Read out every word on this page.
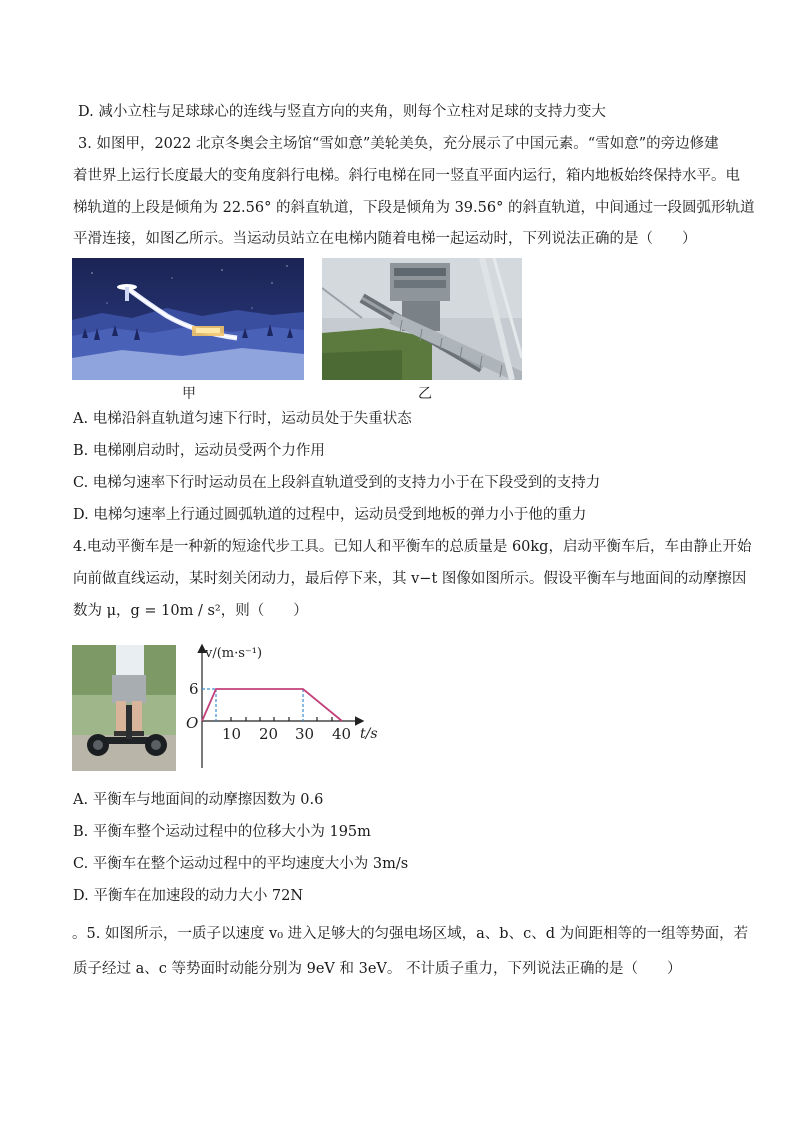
D. 减小立柱与足球球心的连线与竖直方向的夹角，则每个立柱对足球的支持力变大
3. 如图甲，2022 北京冬奥会主场馆“雪如意”美轮美奂，充分展示了中国元素。“雪如意”的旁边修建
着世界上运行长度最大的变角度斜行电梯。斜行电梯在同一竖直平面内运行，箱内地板始终保持水平。电
梯轨道的上段是倾角为 22.56° 的斜直轨道，下段是倾角为 39.56° 的斜直轨道，中间通过一段圆弧形轨道
平滑连接，如图乙所示。当运动员站立在电梯内随着电梯一起运动时，下列说法正确的是（　　）
甲	乙
A. 电梯沿斜直轨道匀速下行时，运动员处于失重状态
B. 电梯刚启动时，运动员受两个力作用
C. 电梯匀速率下行时运动员在上段斜直轨道受到的支持力小于在下段受到的支持力
D. 电梯匀速率上行通过圆弧轨道的过程中，运动员受到地板的弹力小于他的重力
4.电动平衡车是一种新的短途代步工具。已知人和平衡车的总质量是 60kg，启动平衡车后，车由静止开始
向前做直线运动，某时刻关闭动力，最后停下来，其 v−t 图像如图所示。假设平衡车与地面间的动摩擦因
数为 μ，g = 10m / s²，则（　　）
v/(m·s⁻¹)
t/s
O
6
10 20 30 40
A. 平衡车与地面间的动摩擦因数为 0.6
B. 平衡车整个运动过程中的位移大小为 195m
C. 平衡车在整个运动过程中的平均速度大小为 3m/s
D. 平衡车在加速段的动力大小 72N
。5. 如图所示，一质子以速度 v₀ 进入足够大的匀强电场区域，a、b、c、d 为间距相等的一组等势面，若
质子经过 a、c 等势面时动能分别为 9eV 和 3eV。 不计质子重力，下列说法正确的是（　　）
